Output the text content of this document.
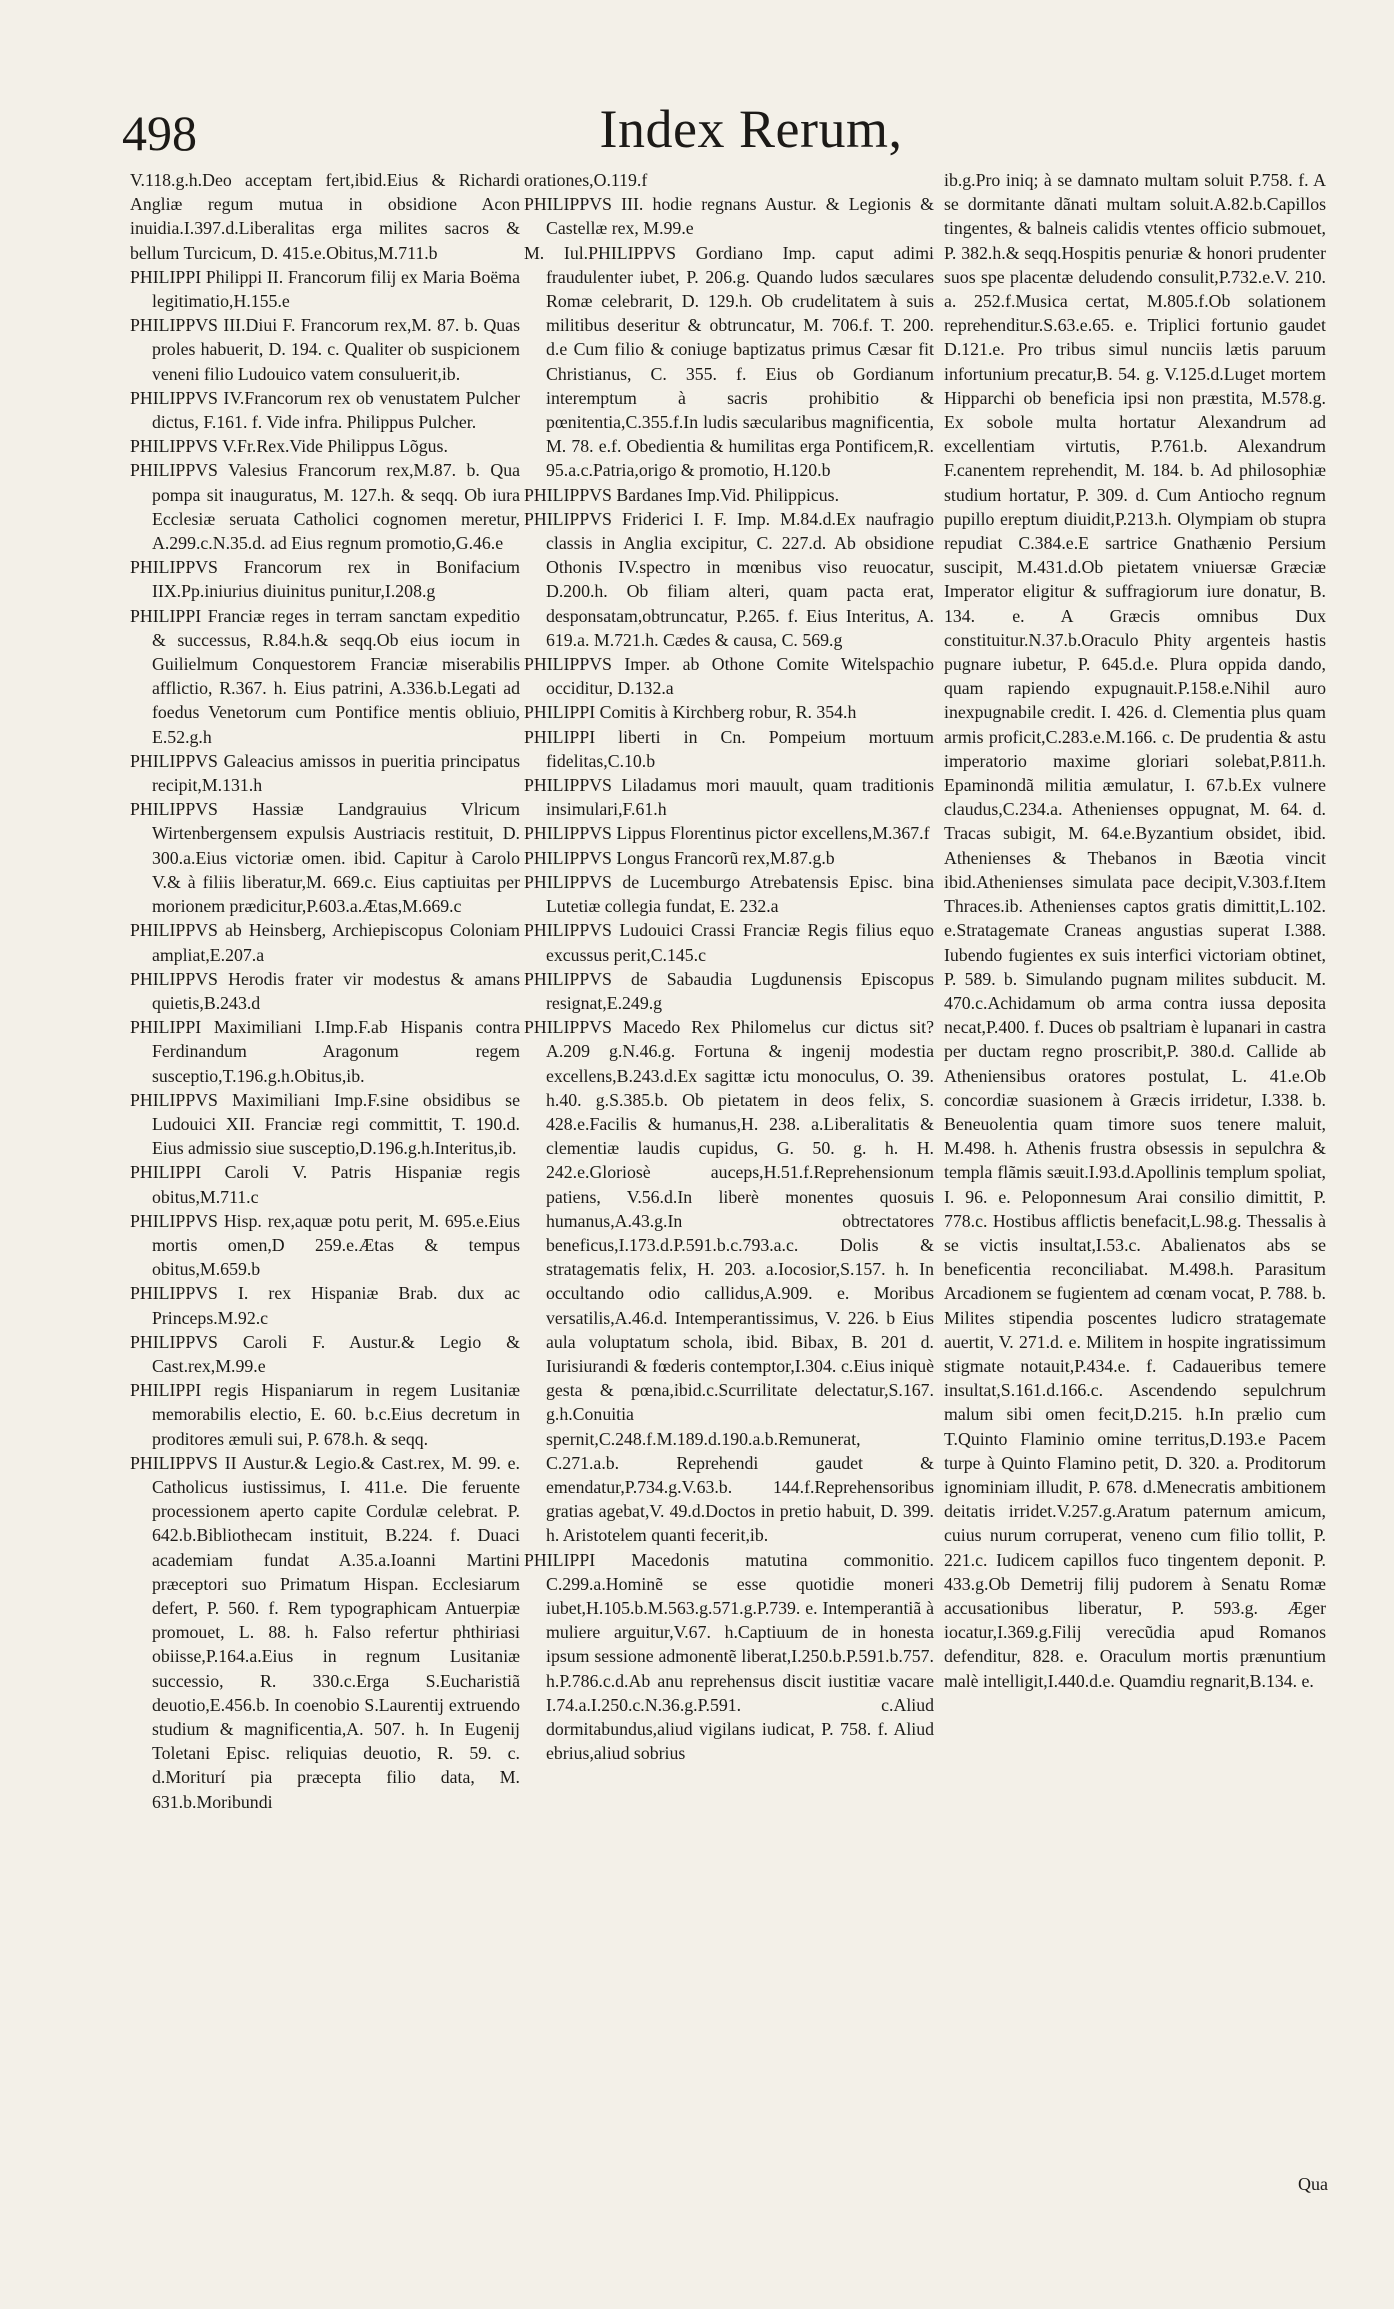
498	Index Rerum,

V.118.g.h.Deo acceptam fert,ibid.Eius & Richardi Angliæ regum mutua in obsidione Acon inuidia.I.397.d.Liberalitas erga milites sacros & bellum Turcicum, D. 415.e.Obitus,M.711.b

PHILIPPI Philippi II. Francorum filij ex Maria Boëma legitimatio,H.155.e

PHILIPPVS III.Diui F. Francorum rex,M. 87. b. Quas proles habuerit, D. 194. c. Qualiter ob suspicionem veneni filio Ludouico vatem consuluerit,ib.

PHILIPPVS IV.Francorum rex ob venustatem Pulcher dictus, F.161. f. Vide infra. Philippus Pulcher.

PHILIPPVS V.Fr.Rex.Vide Philippus Lõgus.

PHILIPPVS Valesius Francorum rex,M.87. b. Qua pompa sit inauguratus, M. 127.h. & seqq. Ob iura Ecclesiæ seruata Catholici cognomen meretur, A.299.c.N.35.d. ad Eius regnum promotio,G.46.e

PHILIPPVS Francorum rex in Bonifacium IIX.Pp.iniurius diuinitus punitur,I.208.g

PHILIPPI Franciæ reges in terram sanctam expeditio & successus, R.84.h.& seqq.Ob eius iocum in Guilielmum Conquestorem Franciæ miserabilis afflictio, R.367. h. Eius patrini, A.336.b.Legati ad foedus Venetorum cum Pontifice mentis obliuio, E.52.g.h

PHILIPPVS Galeacius amissos in pueritia principatus recipit,M.131.h

PHILIPPVS Hassiæ Landgrauius Vlricum Wirtenbergensem expulsis Austriacis restituit, D. 300.a.Eius victoriæ omen. ibid. Capitur à Carolo V.& à filiis liberatur,M. 669.c. Eius captiuitas per morionem prædicitur,P.603.a.Ætas,M.669.c

PHILIPPVS ab Heinsberg, Archiepiscopus Coloniam ampliat,E.207.a

PHILIPPVS Herodis frater vir modestus & amans quietis,B.243.d

PHILIPPI Maximiliani I.Imp.F.ab Hispanis contra Ferdinandum Aragonum regem susceptio,T.196.g.h.Obitus,ib.

PHILIPPVS Maximiliani Imp.F.sine obsidibus se Ludouici XII. Franciæ regi committit, T. 190.d. Eius admissio siue susceptio,D.196.g.h.Interitus,ib.

PHILIPPI Caroli V. Patris Hispaniæ regis obitus,M.711.c

PHILIPPVS Hisp. rex,aquæ potu perit, M. 695.e.Eius mortis omen,D 259.e.Ætas & tempus obitus,M.659.b

PHILIPPVS I. rex Hispaniæ Brab. dux ac Princeps.M.92.c

PHILIPPVS Caroli F. Austur.& Legio & Cast.rex,M.99.e

PHILIPPI regis Hispaniarum in regem Lusitaniæ memorabilis electio, E. 60. b.c.Eius decretum in proditores æmuli sui, P. 678.h. & seqq.

PHILIPPVS II Austur.& Legio.& Cast.rex, M. 99. e. Catholicus iustissimus, I. 411.e. Die feruente processionem aperto capite Cordulæ celebrat. P. 642.b.Bibliothecam instituit, B.224. f. Duaci academiam fundat A.35.a.Ioanni Martini præceptori suo Primatum Hispan. Ecclesiarum defert, P. 560. f. Rem typographicam Antuerpiæ promouet, L. 88. h. Falso refertur phthiriasi obiisse,P.164.a.Eius in regnum Lusitaniæ successio, R. 330.c.Erga S.Eucharistiã deuotio,E.456.b. In coenobio S.Laurentij extruendo studium & magnificentia,A. 507. h. In Eugenij Toletani Episc. reliquias deuotio, R. 59. c. d.Moriturí pia præcepta filio data, M. 631.b.Moribundi

orationes,O.119.f

PHILIPPVS III. hodie regnans Austur. & Legionis & Castellæ rex, M.99.e

M. Iul.PHILIPPVS Gordiano Imp. caput adimi fraudulenter iubet, P. 206.g. Quando ludos sæculares Romæ celebrarit, D. 129.h. Ob crudelitatem à suis militibus deseritur & obtruncatur, M. 706.f. T. 200. d.e Cum filio & coniuge baptizatus primus Cæsar fit Christianus, C. 355. f. Eius ob Gordianum interemptum à sacris prohibitio & pœnitentia,C.355.f.In ludis sæcularibus magnificentia, M. 78. e.f. Obedientia & humilitas erga Pontificem,R. 95.a.c.Patria,origo & promotio, H.120.b

PHILIPPVS Bardanes Imp.Vid. Philippicus.

PHILIPPVS Friderici I. F. Imp. M.84.d.Ex naufragio classis in Anglia excipitur, C. 227.d. Ab obsidione Othonis IV.spectro in mœnibus viso reuocatur, D.200.h. Ob filiam alteri, quam pacta erat, desponsatam,obtruncatur, P.265. f. Eius Interitus, A. 619.a. M.721.h. Cædes & causa, C. 569.g

PHILIPPVS Imper. ab Othone Comite Witelspachio occiditur, D.132.a

PHILIPPI Comitis à Kirchberg robur, R. 354.h

PHILIPPI liberti in Cn. Pompeium mortuum fidelitas,C.10.b

PHILIPPVS Liladamus mori mauult, quam traditionis insimulari,F.61.h

PHILIPPVS Lippus Florentinus pictor excellens,M.367.f

PHILIPPVS Longus Francorũ rex,M.87.g.b

PHILIPPVS de Lucemburgo Atrebatensis Episc. bina Lutetiæ collegia fundat, E. 232.a

PHILIPPVS Ludouici Crassi Franciæ Regis filius equo excussus perit,C.145.c

PHILIPPVS de Sabaudia Lugdunensis Episcopus resignat,E.249.g

PHILIPPVS Macedo Rex Philomelus cur dictus sit?A.209 g.N.46.g. Fortuna & ingenij modestia excellens,B.243.d.Ex sagittæ ictu monoculus, O. 39. h.40. g.S.385.b. Ob pietatem in deos felix, S. 428.e.Facilis & humanus,H. 238. a.Liberalitatis & clementiæ laudis cupidus, G. 50. g. h. H. 242.e.Gloriosè auceps,H.51.f.Reprehensionum patiens, V.56.d.In liberè monentes quosuis humanus,A.43.g.In obtrectatores beneficus,I.173.d.P.591.b.c.793.a.c. Dolis & stratagematis felix, H. 203. a.Iocosior,S.157. h. In occultando odio callidus,A.909. e. Moribus versatilis,A.46.d. Intemperantissimus, V. 226. b Eius aula voluptatum schola, ibid. Bibax, B. 201 d. Iurisiurandi & fœderis contemptor,I.304. c.Eius iniquè gesta & pœna,ibid.c.Scurrilitate delectatur,S.167. g.h.Conuitia spernit,C.248.f.M.189.d.190.a.b.Remunerat, C.271.a.b. Reprehendi gaudet & emendatur,P.734.g.V.63.b. 144.f.Reprehensoribus gratias agebat,V. 49.d.Doctos in pretio habuit, D. 399. h. Aristotelem quanti fecerit,ib.

PHILIPPI Macedonis matutina commonitio. C.299.a.Hominẽ se esse quotidie moneri iubet,H.105.b.M.563.g.571.g.P.739. e. Intemperantiã à muliere arguitur,V.67. h.Captiuum de in honesta ipsum sessione admonentẽ liberat,I.250.b.P.591.b.757. h.P.786.c.d.Ab anu reprehensus discit iustitiæ vacare I.74.a.I.250.c.N.36.g.P.591. c.Aliud dormitabundus,aliud vigilans iudicat, P. 758. f. Aliud ebrius,aliud sobrius

ib.g.Pro iniq; à se damnato multam soluit P.758. f. A se dormitante dãnati multam soluit.A.82.b.Capillos tingentes, & balneis calidis vtentes officio submouet, P. 382.h.& seqq.Hospitis penuriæ & honori prudenter suos spe placentæ deludendo consulit,P.732.e.V. 210. a. 252.f.Musica certat, M.805.f.Ob solationem reprehenditur.S.63.e.65. e. Triplici fortunio gaudet D.121.e. Pro tribus simul nunciis lætis paruum infortunium precatur,B. 54. g. V.125.d.Luget mortem Hipparchi ob beneficia ipsi non præstita, M.578.g. Ex sobole multa hortatur Alexandrum ad excellentiam virtutis, P.761.b. Alexandrum F.canentem reprehendit, M. 184. b. Ad philosophiæ studium hortatur, P. 309. d. Cum Antiocho regnum pupillo ereptum diuidit,P.213.h. Olympiam ob stupra repudiat C.384.e.E sartrice Gnathænio Persium suscipit, M.431.d.Ob pietatem vniuersæ Græciæ Imperator eligitur & suffragiorum iure donatur, B. 134. e. A Græcis omnibus Dux constituitur.N.37.b.Oraculo Phity argenteis hastis pugnare iubetur, P. 645.d.e. Plura oppida dando, quam rapiendo expugnauit.P.158.e.Nihil auro inexpugnabile credit. I. 426. d. Clementia plus quam armis proficit,C.283.e.M.166. c. De prudentia & astu imperatorio maxime gloriari solebat,P.811.h. Epaminondã militia æmulatur, I. 67.b.Ex vulnere claudus,C.234.a. Athenienses oppugnat, M. 64. d. Tracas subigit, M. 64.e.Byzantium obsidet, ibid. Athenienses & Thebanos in Bæotia vincit ibid.Athenienses simulata pace decipit,V.303.f.Item Thraces.ib. Athenienses captos gratis dimittit,L.102. e.Stratagemate Craneas angustias superat I.388. Iubendo fugientes ex suis interfici victoriam obtinet, P. 589. b. Simulando pugnam milites subducit. M. 470.c.Achidamum ob arma contra iussa deposita necat,P.400. f. Duces ob psaltriam è lupanari in castra per ductam regno proscribit,P. 380.d. Callide ab Atheniensibus oratores postulat, L. 41.e.Ob concordiæ suasionem à Græcis irridetur, I.338. b. Beneuolentia quam timore suos tenere maluit, M.498. h. Athenis frustra obsessis in sepulchra & templa flãmis sæuit.I.93.d.Apollinis templum spoliat, I. 96. e. Peloponnesum Arai consilio dimittit, P. 778.c. Hostibus afflictis benefacit,L.98.g. Thessalis à se victis insultat,I.53.c. Abalienatos abs se beneficentia reconciliabat. M.498.h. Parasitum Arcadionem se fugientem ad cœnam vocat, P. 788. b. Milites stipendia poscentes ludicro stratagemate auertit, V. 271.d. e. Militem in hospite ingratissimum stigmate notauit,P.434.e. f. Cadaueribus temere insultat,S.161.d.166.c. Ascendendo sepulchrum malum sibi omen fecit,D.215. h.In prælio cum T.Quinto Flaminio omine territus,D.193.e Pacem turpe à Quinto Flamino petit, D. 320. a. Proditorum ignominiam illudit, P. 678. d.Menecratis ambitionem deitatis irridet.V.257.g.Aratum paternum amicum, cuius nurum corruperat, veneno cum filio tollit, P. 221.c. Iudicem capillos fuco tingentem deponit. P. 433.g.Ob Demetrij filij pudorem à Senatu Romæ accusationibus liberatur, P. 593.g. Æger iocatur,I.369.g.Filij verecũdia apud Romanos defenditur, 828. e. Oraculum mortis prænuntium malè intelligit,I.440.d.e. Quamdiu regnarit,B.134. e.

Qua
